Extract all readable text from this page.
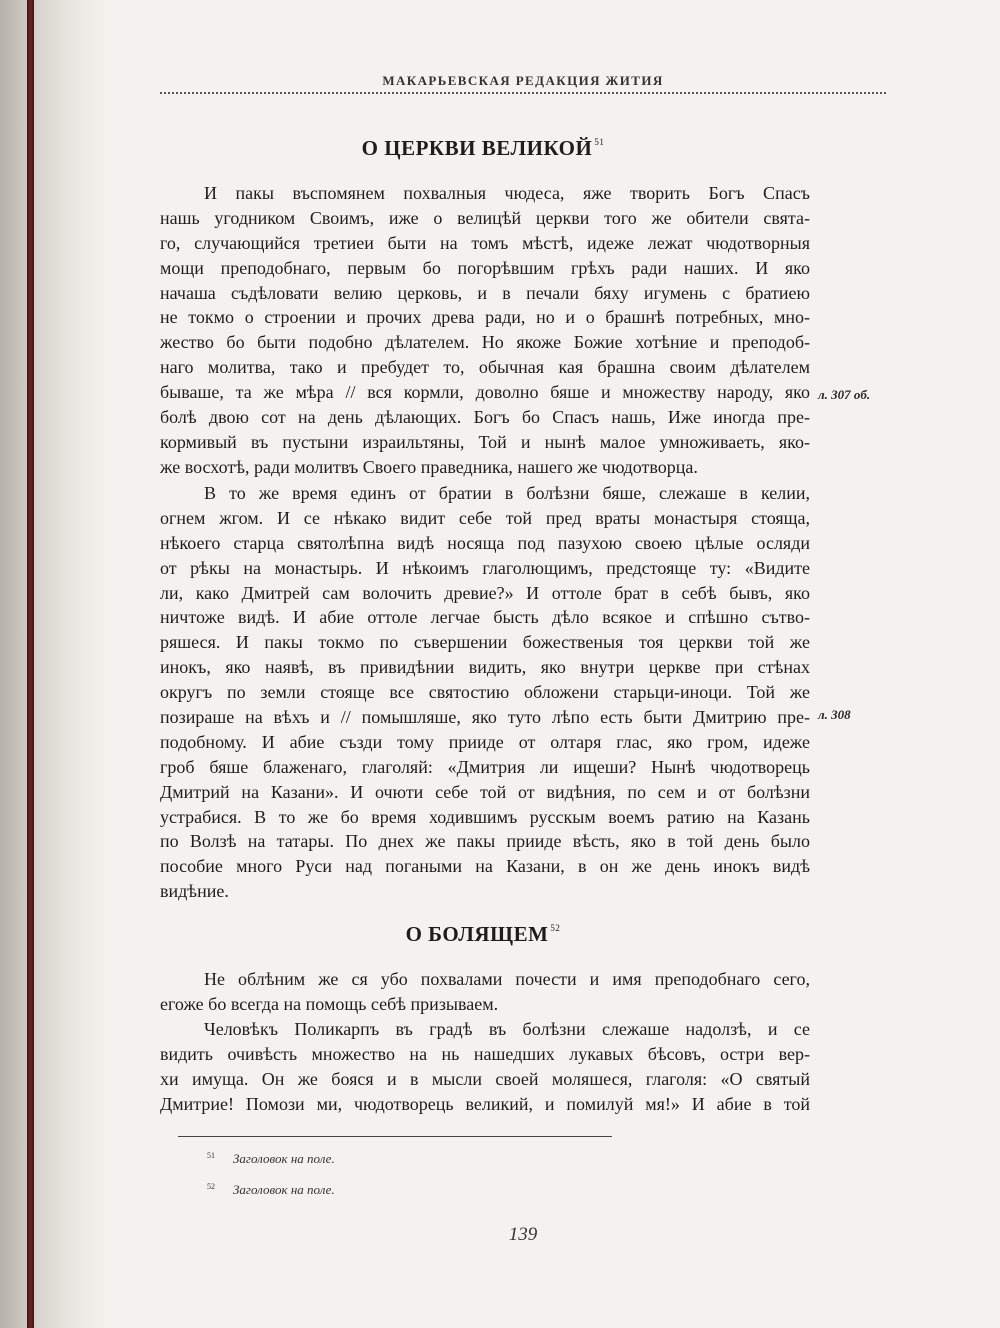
МАКАРЬЕВСКАЯ РЕДАКЦИЯ ЖИТИЯ
О ЦЕРКВИ ВЕЛИКОЙ $^{51}$
И пакы въспомянем похвалныя чюдеса, яже творить Богъ Спасъ
нашь угодником Своимъ, иже о велицѣй церкви того же обители свята-
го, случающийся третиеи быти на томъ мѣстѣ, идеже лежат чюдотворныя
мощи преподобнаго, первым бо погорѣвшим грѣхъ ради наших. И яко
начаша съдѣловати велию церковь, и в печали бяху игумень с братиею
не токмо о строении и прочих древа ради, но и о брашнѣ потребных, мно-
жество бо быти подобно дѣлателем. Но якоже Божие хотѣние и преподоб-
наго молитва, тако и пребудет то, обычная кая брашна своим дѣлателем
бываше, та же мѣра // вся кормли, доволно бяше и множеству народу, яко
болѣ двою сот на день дѣлающих. Богъ бо Спасъ нашь, Иже иногда пре-
кормивый въ пустыни израильтяны, Той и нынѣ малое умноживаеть, яко-
же восхотѣ, ради молитвъ Своего праведника, нашего же чюдотворца.
В то же время единъ от братии в болѣзни бяше, слежаше в келии,
огнем жгом. И се нѣкако видит себе той пред враты монастыря стояща,
нѣкоего старца святолѣпна видѣ носяща под пазухою своею цѣлые осляди
от рѣкы на монастырь. И нѣкоимъ глаголющимъ, предстояще ту: «Видите
ли, како Дмитрей сам волочить древие?» И оттоле брат в себѣ бывъ, яко
ничтоже видѣ. И абие оттоле легчае бысть дѣло всякое и спѣшно сътво-
ряшеся. И пакы токмо по съвершении божественыя тоя церкви той же
инокъ, яко наявѣ, въ привидѣнии видить, яко внутри церкве при стѣнах
округъ по земли стояще все святостию обложени старьци-иноци. Той же
позираше на вѣхъ и // помышляше, яко туто лѣпо есть быти Дмитрию пре-
подобному. И абие създи тому прииде от олтаря глас, яко гром, идеже
гроб бяше блаженаго, глаголяй: «Дмитрия ли ищеши? Нынѣ чюдотворець
Дмитрий на Казани». И очюти себе той от видѣния, по сем и от болѣзни
устрабися. В то же бо время ходившимъ русскым воемъ ратию на Казань
по Волзѣ на татары. По днех же пакы прииде вѣсть, яко в той день было
пособие много Руси над погаными на Казани, в он же день инокъ видѣ
видѣние.
л. 307 об.
л. 308
О БОЛЯЩЕМ $^{52}$
Не облѣним же ся убо похвалами почести и имя преподобнаго сего,
егоже бо всегда на помощь себѣ призываем.
Человѣкъ Поликарпъ въ градѣ въ болѣзни слежаше надолзѣ, и се
видить очивѣсть множество на нь нашедших лукавых бѣсовъ, остри вер-
хи имуща. Он же бояся и в мысли своей моляшеся, глаголя: «О святый
Дмитрие! Помози ми, чюдотворець великий, и помилуй мя!» И абие в той
$^{51}$ Заголовок на поле.
$^{52}$ Заголовок на поле.
139
